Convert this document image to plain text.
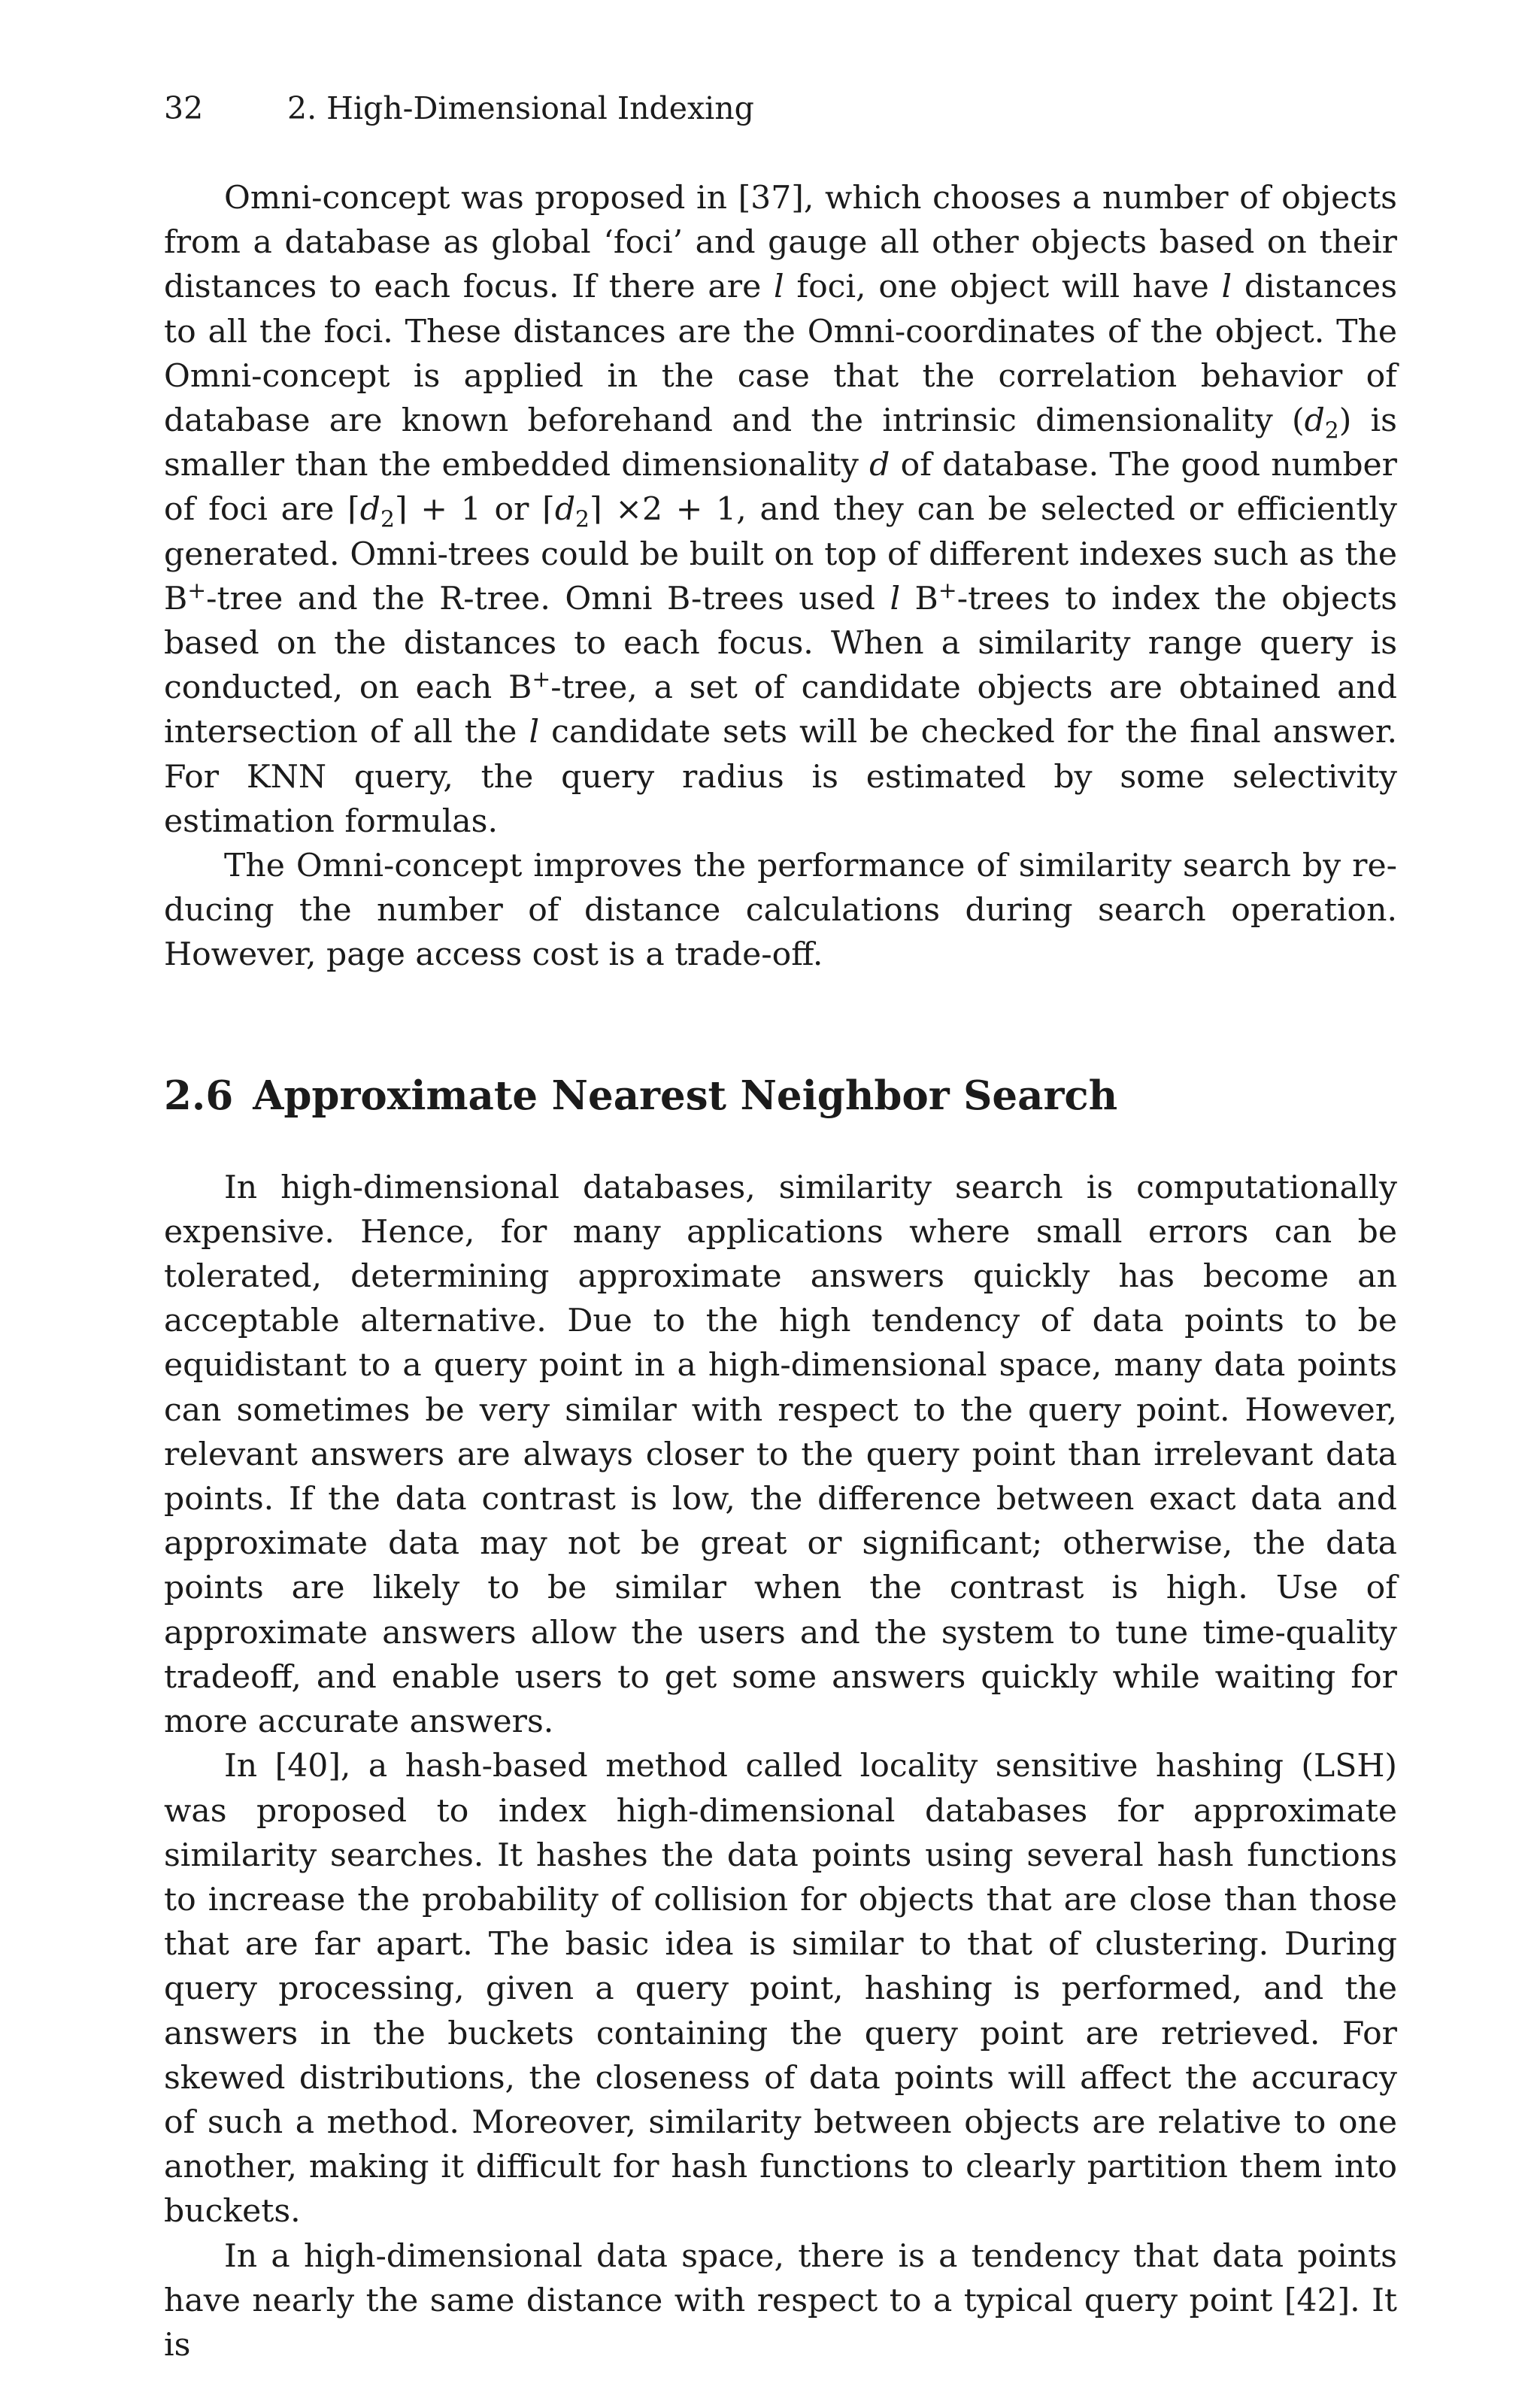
32	2. High-Dimensional Indexing

Omni-concept was proposed in [37], which chooses a number of objects from a database as global ‘foci’ and gauge all other objects based on their distances to each focus. If there are l foci, one object will have l distances to all the foci. These distances are the Omni-coordinates of the object. The Omni-concept is applied in the case that the correlation behavior of database are known beforehand and the intrinsic dimensionality $(d_2)$ is smaller than the embedded dimensionality d of database. The good number of foci are $⌈d_2⌉ + 1$ or $⌈d_2⌉ \times 2 + 1$, and they can be selected or efficiently generated. Omni-trees could be built on top of different indexes such as the B+-tree and the R-tree. Omni B-trees used l B+-trees to index the objects based on the distances to each focus. When a similarity range query is conducted, on each B+-tree, a set of candidate objects are obtained and intersection of all the l candidate sets will be checked for the final answer. For KNN query, the query radius is estimated by some selectivity estimation formulas.

The Omni-concept improves the performance of similarity search by reducing the number of distance calculations during search operation. However, page access cost is a trade-off.

2.6 Approximate Nearest Neighbor Search

In high-dimensional databases, similarity search is computationally expensive. Hence, for many applications where small errors can be tolerated, determining approximate answers quickly has become an acceptable alternative. Due to the high tendency of data points to be equidistant to a query point in a high-dimensional space, many data points can sometimes be very similar with respect to the query point. However, relevant answers are always closer to the query point than irrelevant data points. If the data contrast is low, the difference between exact data and approximate data may not be great or significant; otherwise, the data points are likely to be similar when the contrast is high. Use of approximate answers allow the users and the system to tune time-quality tradeoff, and enable users to get some answers quickly while waiting for more accurate answers.

In [40], a hash-based method called locality sensitive hashing (LSH) was proposed to index high-dimensional databases for approximate similarity searches. It hashes the data points using several hash functions to increase the probability of collision for objects that are close than those that are far apart. The basic idea is similar to that of clustering. During query processing, given a query point, hashing is performed, and the answers in the buckets containing the query point are retrieved. For skewed distributions, the closeness of data points will affect the accuracy of such a method. Moreover, similarity between objects are relative to one another, making it difficult for hash functions to clearly partition them into buckets.

In a high-dimensional data space, there is a tendency that data points have nearly the same distance with respect to a typical query point [42]. It is
